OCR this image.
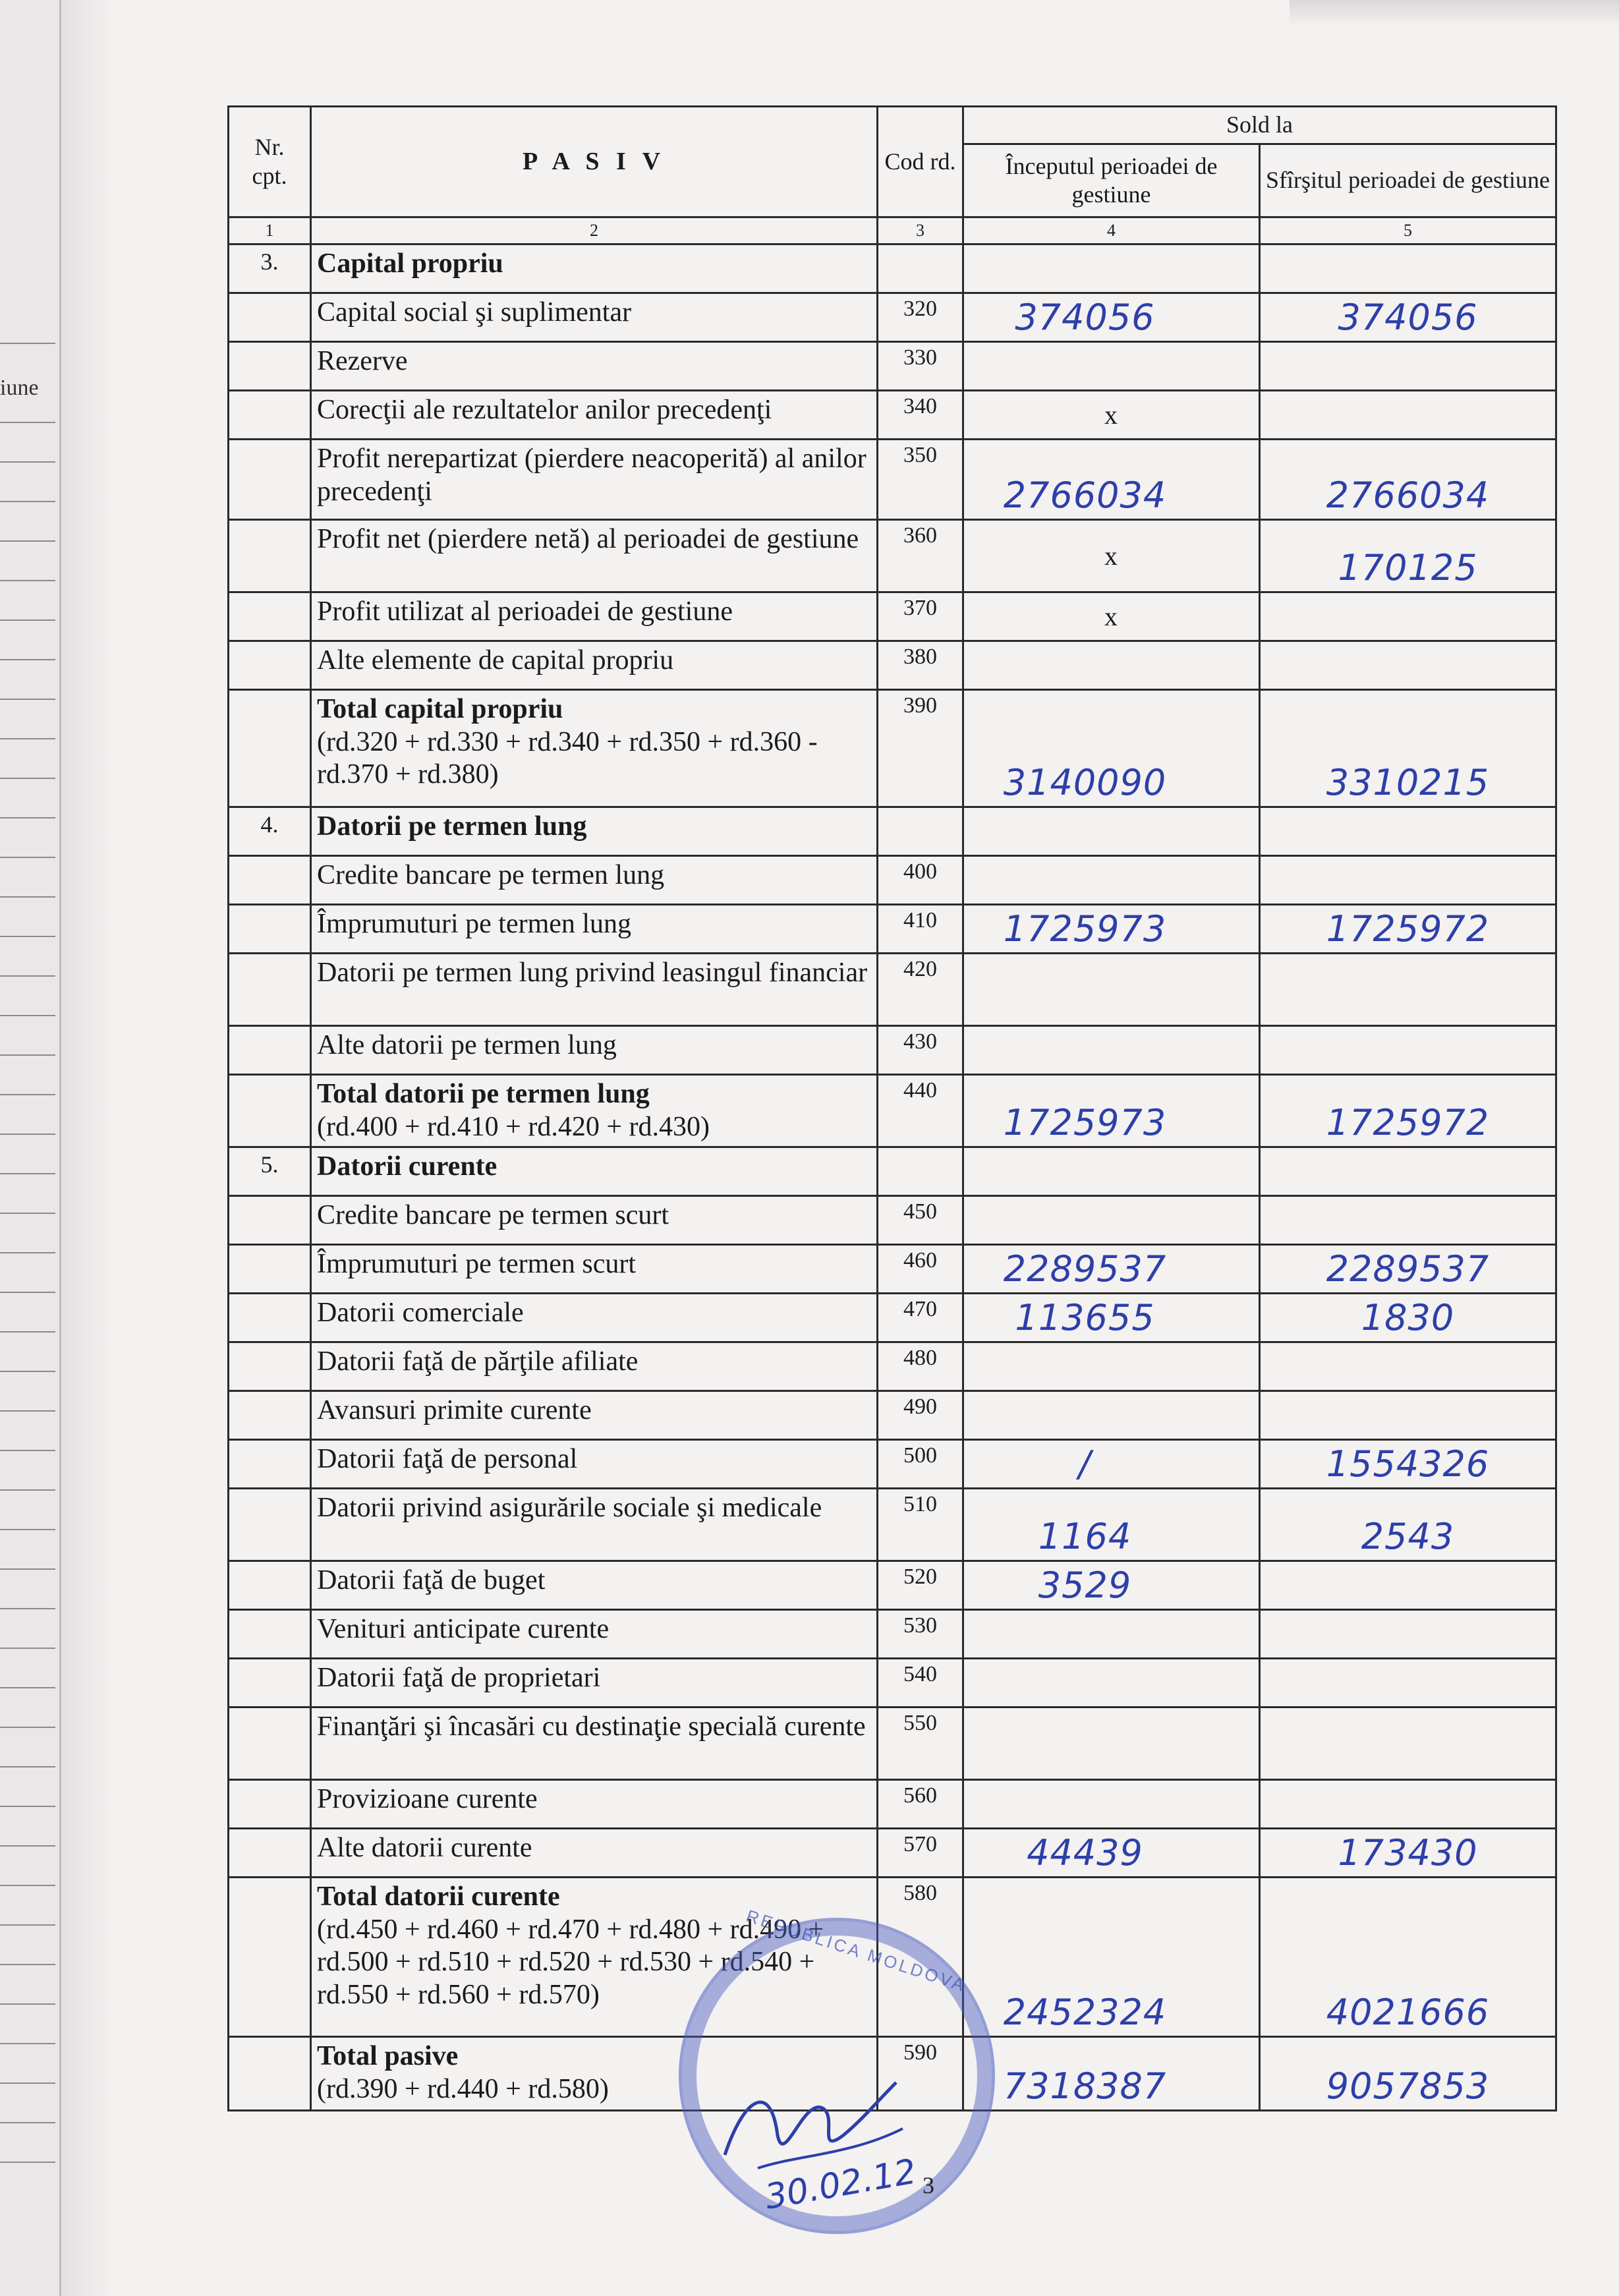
iune
Nr. cpt.	P A S I V	Cod rd.	Sold la	
			Începutul perioadei de gestiune	Sfîrşitul perioadei de gestiune
1	2	3	4	5
3.	Capital propriu			
	Capital social şi suplimentar	320	374056	374056
	Rezerve	330		
	Corecţii ale rezultatelor anilor precedenţi	340	x	
	Profit nerepartizat (pierdere neacoperită) al anilor precedenţi	350	2766034	2766034
	Profit net (pierdere netă) al perioadei de gestiune	360	x	170125
	Profit utilizat al perioadei de gestiune	370	x	
	Alte elemente de capital propriu	380		
	Total capital propriu
(rd.320 + rd.330 + rd.340 + rd.350 + rd.360 - rd.370 + rd.380)	390	3140090	3310215
4.	Datorii pe termen lung			
	Credite bancare pe termen lung	400		
	Împrumuturi pe termen lung	410	1725973	1725972
	Datorii pe termen lung privind leasingul financiar	420		
	Alte datorii pe termen lung	430		
	Total datorii pe termen lung
(rd.400 + rd.410 + rd.420 + rd.430)	440	1725973	1725972
5.	Datorii curente			
	Credite bancare pe termen scurt	450		
	Împrumuturi pe termen scurt	460	2289537	2289537
	Datorii comerciale	470	113655	1830
	Datorii faţă de părţile afiliate	480		
	Avansuri primite curente	490		
	Datorii faţă de personal	500	/	1554326
	Datorii privind asigurările sociale şi medicale	510	1164	2543
	Datorii faţă de buget	520	3529	
	Venituri anticipate curente	530		
	Datorii faţă de proprietari	540		
	Finanţări şi încasări cu destinaţie specială curente	550		
	Provizioane curente	560		
	Alte datorii curente	570	44439	173430
	Total datorii curente
(rd.450 + rd.460 + rd.470 + rd.480 + rd.490 + rd.500 + rd.510 + rd.520 + rd.530 + rd.540 + rd.550 + rd.560 + rd.570)	580	2452324	4021666
	Total pasive
(rd.390 + rd.440 + rd.580)	590	7318387	9057853
REPUBLICA MOLDOVA
30.02.12 3
